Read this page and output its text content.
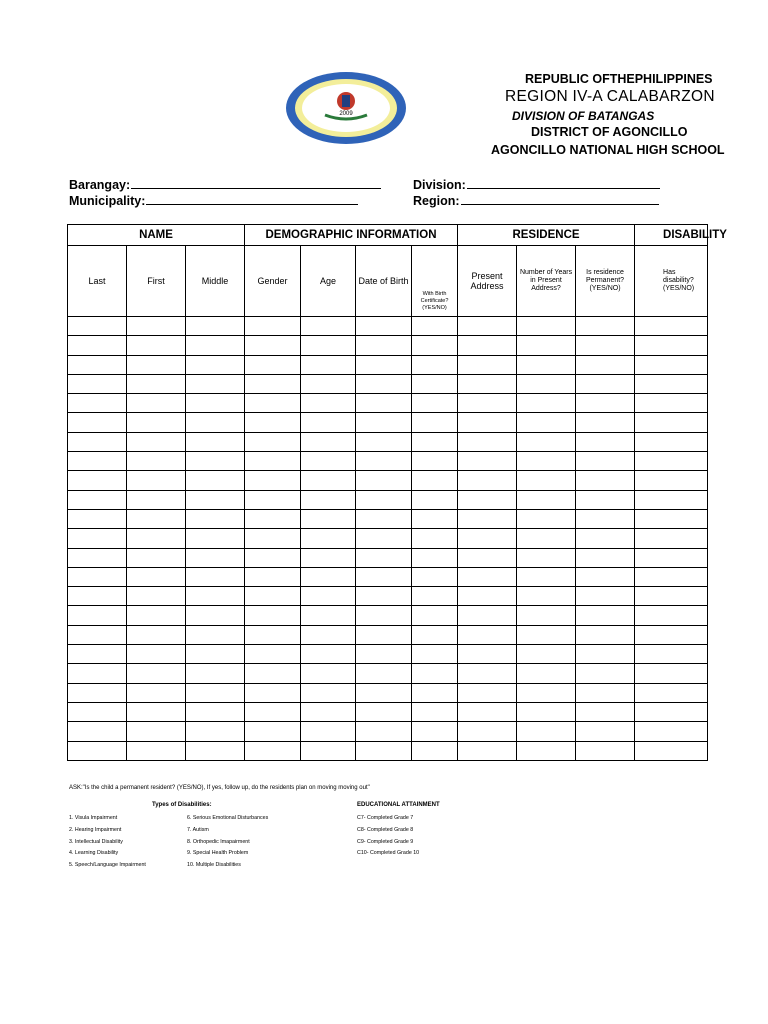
2009
REPUBLIC OFTHEPHILIPPINES
REGION IV-A CALABARZON
DIVISION OF BATANGAS
DISTRICT OF AGONCILLO
AGONCILLO NATIONAL HIGH SCHOOL
Barangay:
Municipality:
Division:
Region:
NAME			DEMOGRAPHIC INFORMATION				RESIDENCE			DISABILITY
Last	First	Middle	Gender	Age	Date of Birth	With Birth Certificate? (YES/NO)	Present Address	Number of Years in Present Address?	Is residence Permanent? (YES/NO)	Has disability? (YES/NO)

ASK:"Is the child a permanent resident? (YES/NO), If yes, follow up, do the residents plan on moving moving out"
Types of Disabilities:	EDUCATIONAL ATTAINMENT
1. Visula Impairment
2. Hearing Impairment
3. Intellectual Disability
4. Learning Disability
5. Speech/Language Impairment
6. Serious Emotional Disturbances
7. Autism
8. Orthopedic Imapairment
9. Special Health Problem
10. Multiple Disabilities
C7- Completed Grade 7
C8- Completed Grade 8
C9- Completed Grade 9
C10- Completed Grade 10
